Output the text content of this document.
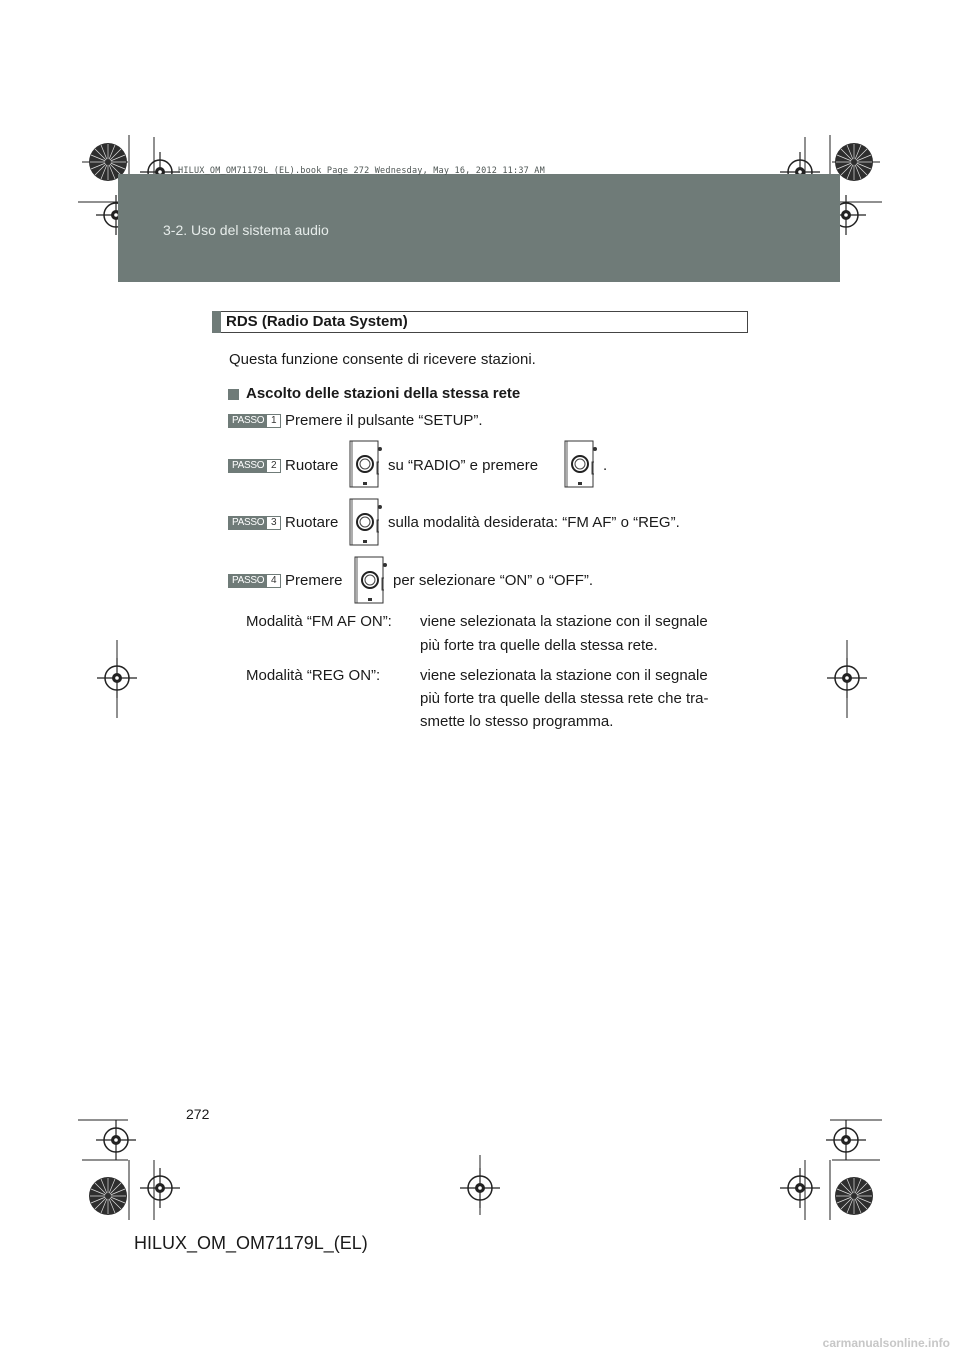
HILUX_OM_OM71179L_(EL).book Page 272 Wednesday, May 16, 2012 11:37 AM
3-2. Uso del sistema audio
RDS (Radio Data System)
Questa funzione consente di ricevere stazioni.
Ascolto delle stazioni della stessa rete
PASSO 1 Premere il pulsante “SETUP”.
PASSO 2 Ruotare	su “RADIO” e premere	.
PASSO 3 Ruotare	sulla modalità desiderata: “FM AF” o “REG”.
PASSO 4 Premere	per selezionare “ON” o “OFF”.
Modalità “FM AF ON”: viene selezionata la stazione con il segnale
più forte tra quelle della stessa rete.
Modalità “REG ON”:	viene selezionata la stazione con il segnale
più forte tra quelle della stessa rete che tra-
smette lo stesso programma.
272
HILUX_OM_OM71179L_(EL)
carmanualsonline.info
